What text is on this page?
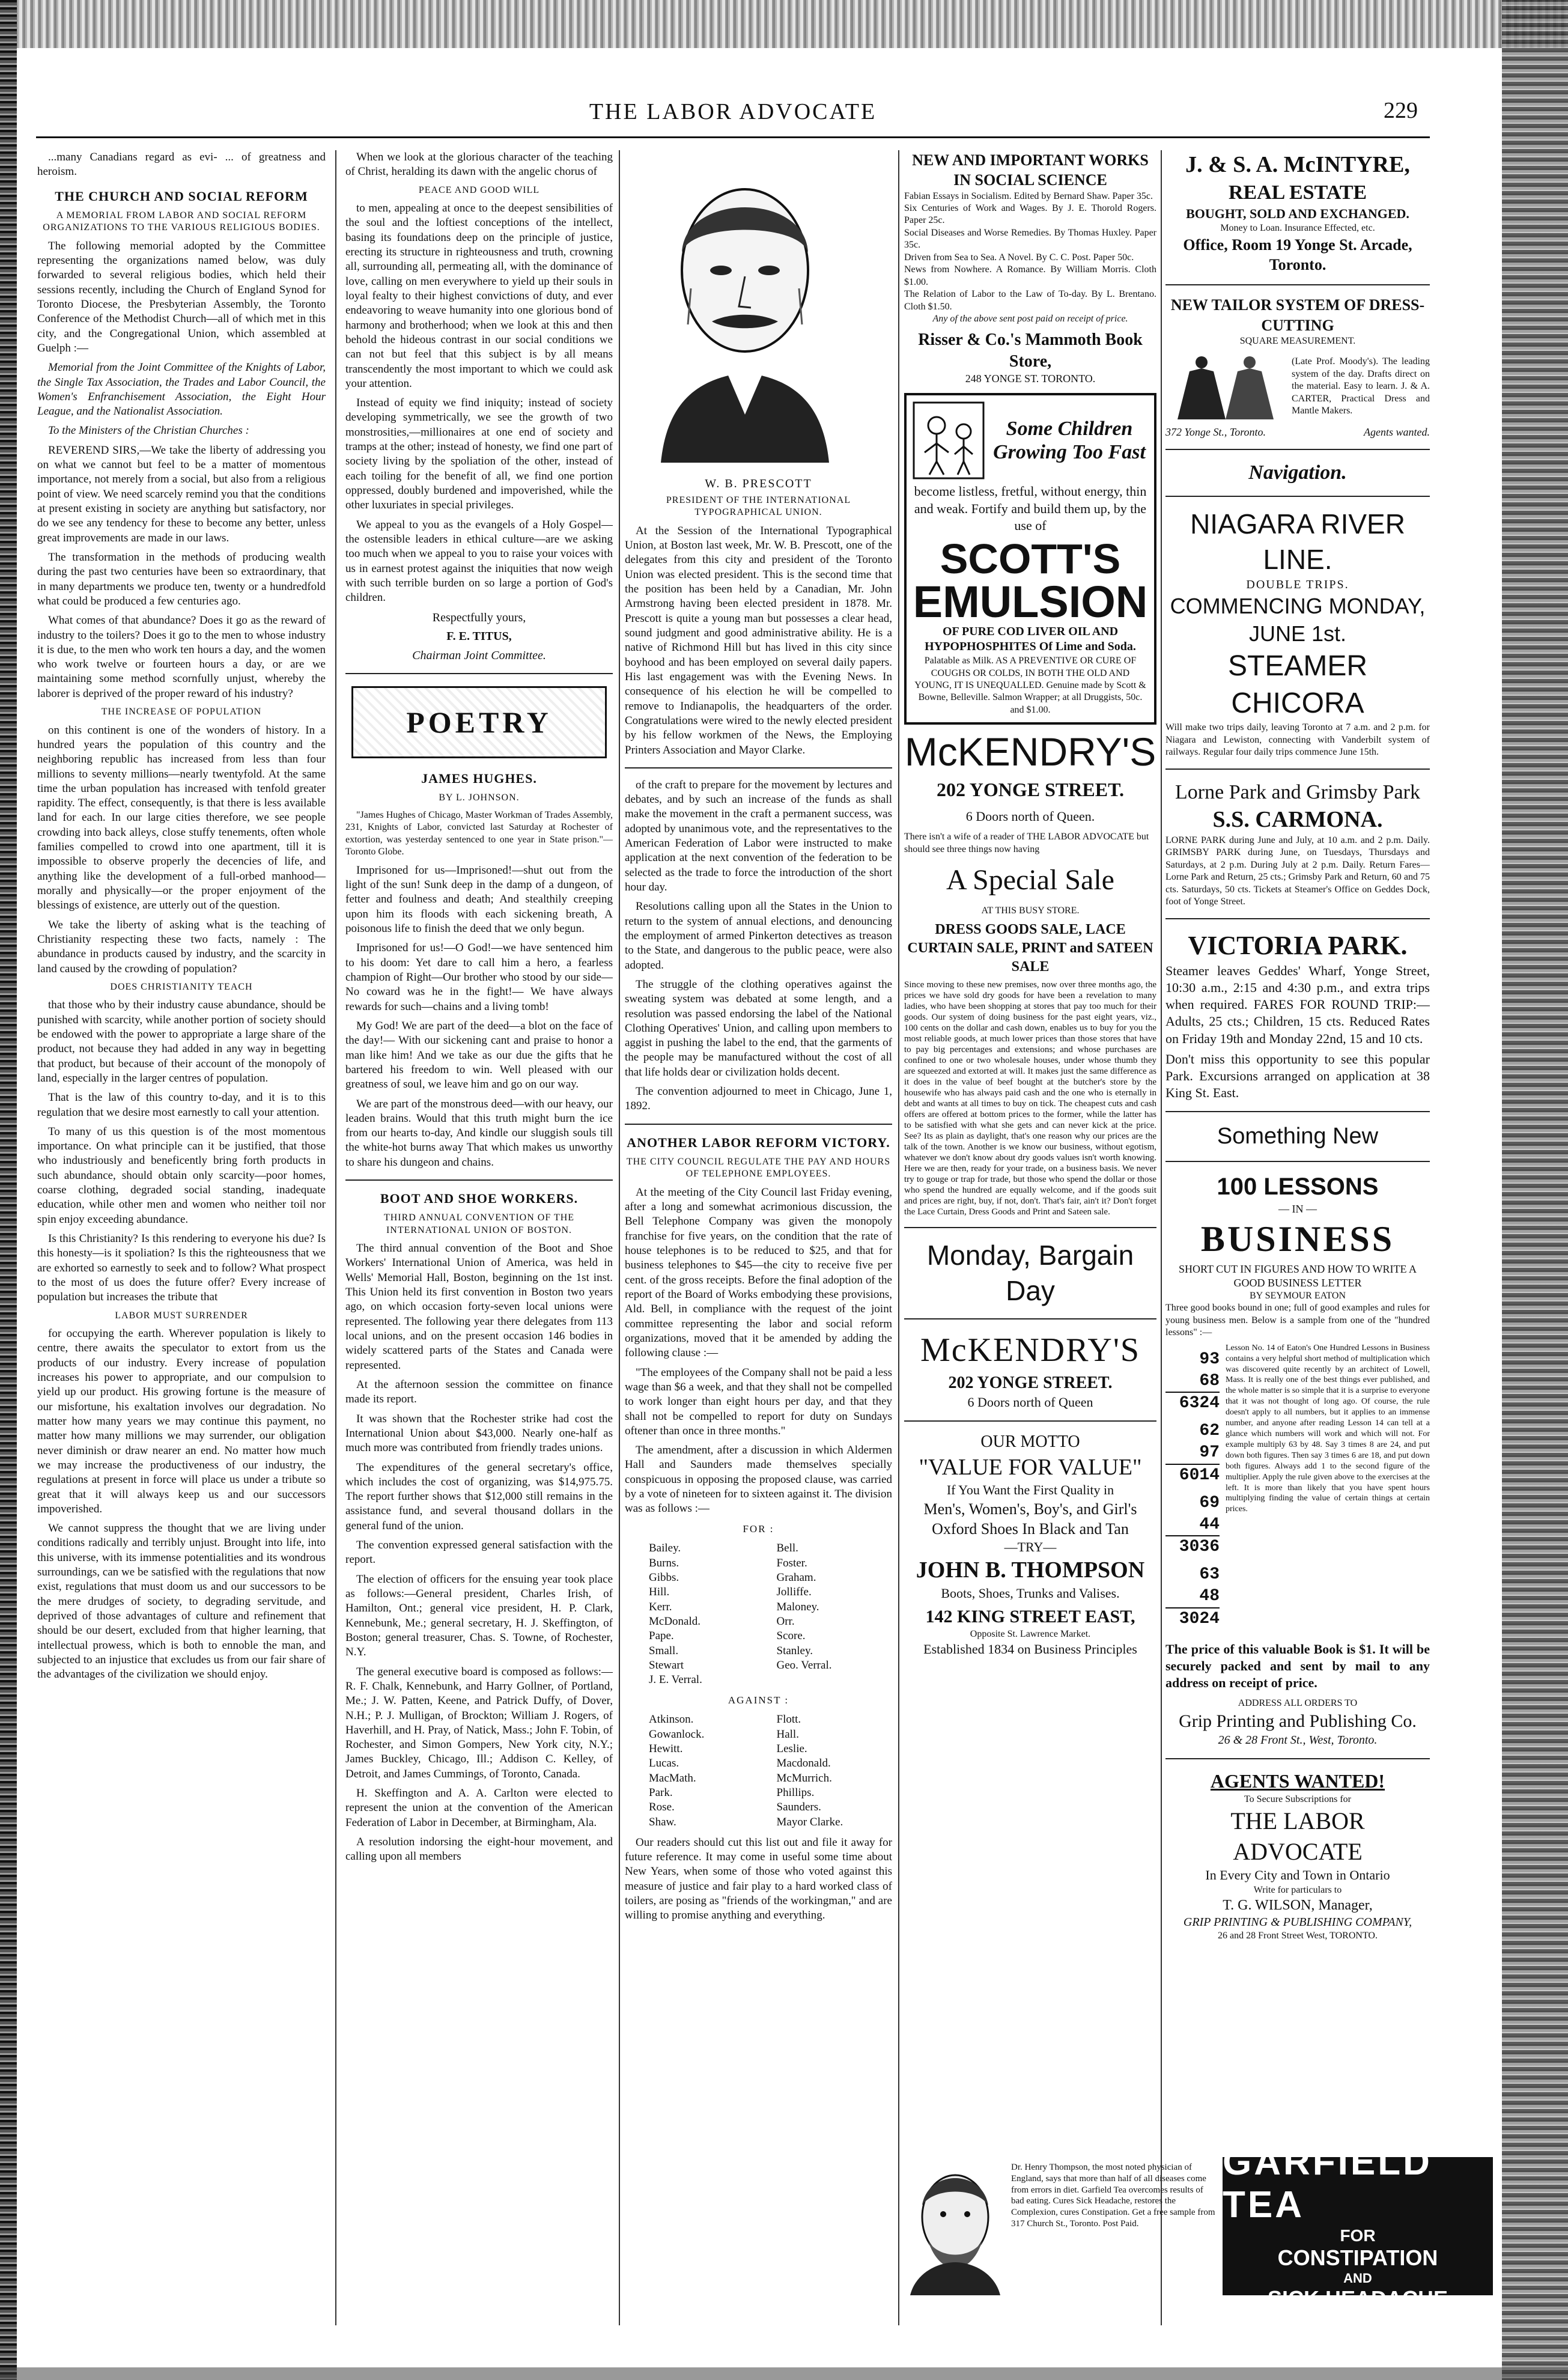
THE LABOR ADVOCATE	229

...many Canadians regard as evi- ... of greatness and heroism.

THE CHURCH AND SOCIAL REFORM
A MEMORIAL FROM LABOR AND SOCIAL REFORM ORGANIZATIONS TO THE VARIOUS RELIGIOUS BODIES.

The following memorial adopted by the Committee representing the organizations named below, was duly forwarded to several religious bodies, which held their sessions recently, including the Church of England Synod for Toronto Diocese, the Presbyterian Assembly, the Toronto Conference of the Methodist Church—all of which met in this city, and the Congregational Union, which assembled at Guelph :—

Memorial from the Joint Committee of the Knights of Labor, the Single Tax Association, the Trades and Labor Council, the Women's Enfranchisement Association, the Eight Hour League, and the Nationalist Association.

To the Ministers of the Christian Churches :

REVEREND SIRS,—We take the liberty of addressing you on what we cannot but feel to be a matter of momentous importance, not merely from a social, but also from a religious point of view. We need scarcely remind you that the conditions at present existing in society are anything but satisfactory, nor do we see any tendency for these to become any better, unless great improvements are made in our laws.

The transformation in the methods of producing wealth during the past two centuries have been so extraordinary, that in many departments we produce ten, twenty or a hundredfold what could be produced a few centuries ago.

What comes of that abundance? Does it go as the reward of industry to the toilers? Does it go to the men to whose industry it is due, to the men who work ten hours a day, and the women who work twelve or fourteen hours a day, or are we maintaining some method scornfully unjust, whereby the laborer is deprived of the proper reward of his industry?

THE INCREASE OF POPULATION

on this continent is one of the wonders of history. In a hundred years the population of this country and the neighboring republic has increased from less than four millions to seventy millions—nearly twentyfold. At the same time the urban population has increased with tenfold greater rapidity. The effect, consequently, is that there is less available land for each. In our large cities therefore, we see people crowding into back alleys, close stuffy tenements, often whole families compelled to crowd into one apartment, till it is impossible to observe properly the decencies of life, and anything like the development of a full-orbed manhood—morally and physically—or the proper enjoyment of the blessings of existence, are utterly out of the question.

We take the liberty of asking what is the teaching of Christianity respecting these two facts, namely : The abundance in products caused by industry, and the scarcity in land caused by the crowding of population?

DOES CHRISTIANITY TEACH

that those who by their industry cause abundance, should be punished with scarcity, while another portion of society should be endowed with the power to appropriate a large share of the product, not because they had added in any way in begetting that product, but because of their account of the monopoly of land, especially in the larger centres of population.

That is the law of this country to-day, and it is to this regulation that we desire most earnestly to call your attention.

To many of us this question is of the most momentous importance. On what principle can it be justified, that those who industriously and beneficently bring forth products in such abundance, should obtain only scarcity—poor homes, coarse clothing, degraded social standing, inadequate education, while other men and women who neither toil nor spin enjoy exceeding abundance.

Is this Christianity? Is this rendering to everyone his due? Is this honesty—is it spoliation? Is this the righteousness that we are exhorted so earnestly to seek and to follow? What prospect to the most of us does the future offer? Every increase of population but increases the tribute that

LABOR MUST SURRENDER

for occupying the earth. Wherever population is likely to centre, there awaits the speculator to extort from us the products of our industry. Every increase of population increases his power to appropriate, and our compulsion to yield up our product. His growing fortune is the measure of our misfortune, his exaltation involves our degradation. No matter how many years we may continue this payment, no matter how many millions we may surrender, our obligation never diminish or draw nearer an end. No matter how much we may increase the productiveness of our industry, the regulations at present in force will place us under a tribute so great that it will always keep us and our successors impoverished.

We cannot suppress the thought that we are living under conditions radically and terribly unjust. Brought into life, into this universe, with its immense potentialities and its wondrous surroundings, can we be satisfied with the regulations that now exist, regulations that must doom us and our successors to be the mere drudges of society, to degrading servitude, and deprived of those advantages of culture and refinement that should be our desert, excluded from that higher learning, that intellectual prowess, which is both to ennoble the man, and subjected to an injustice that excludes us from our fair share of the advantages of the civilization we should enjoy.

When we look at the glorious character of the teaching of Christ, heralding its dawn with the angelic chorus of

PEACE AND GOOD WILL

to men, appealing at once to the deepest sensibilities of the soul and the loftiest conceptions of the intellect, basing its foundations deep on the principle of justice, erecting its structure in righteousness and truth, crowning all, surrounding all, permeating all, with the dominance of love, calling on men everywhere to yield up their souls in loyal fealty to their highest convictions of duty, and ever endeavoring to weave humanity into one glorious bond of harmony and brotherhood; when we look at this and then behold the hideous contrast in our social conditions we can not but feel that this subject is by all means transcendently the most important to which we could ask your attention.

Instead of equity we find iniquity; instead of society developing symmetrically, we see the growth of two monstrosities,—millionaires at one end of society and tramps at the other; instead of honesty, we find one part of society living by the spoliation of the other, instead of each toiling for the benefit of all, we find one portion oppressed, doubly burdened and impoverished, while the other luxuriates in special privileges.

We appeal to you as the evangels of a Holy Gospel—the ostensible leaders in ethical culture—are we asking too much when we appeal to you to raise your voices with us in earnest protest against the iniquities that now weigh with such terrible burden on so large a portion of God's children.

Respectfully yours,
F. E. TITUS,
Chairman Joint Committee.
POETRY
JAMES HUGHES.
BY L. JOHNSON.

"James Hughes of Chicago, Master Workman of Trades Assembly, 231, Knights of Labor, convicted last Saturday at Rochester of extortion, was yesterday sentenced to one year in State prison."—Toronto Globe.

Imprisoned for us—Imprisoned!—shut out from the light of the sun! Sunk deep in the damp of a dungeon, of fetter and foulness and death; And stealthily creeping upon him its floods with each sickening breath, A poisonous life to finish the deed that we only begun.

Imprisoned for us!—O God!—we have sentenced him to his doom: Yet dare to call him a hero, a fearless champion of Right—Our brother who stood by our side—No coward was he in the fight!— We have always rewards for such—chains and a living tomb!

My God! We are part of the deed—a blot on the face of the day!— With our sickening cant and praise to honor a man like him! And we take as our due the gifts that he bartered his freedom to win. Well pleased with our greatness of soul, we leave him and go on our way.

We are part of the monstrous deed—with our heavy, our leaden brains. Would that this truth might burn the ice from our hearts to-day, And kindle our sluggish souls till the white-hot burns away That which makes us unworthy to share his dungeon and chains.

BOOT AND SHOE WORKERS.
THIRD ANNUAL CONVENTION OF THE INTERNATIONAL UNION OF BOSTON.

The third annual convention of the Boot and Shoe Workers' International Union of America, was held in Wells' Memorial Hall, Boston, beginning on the 1st inst. This Union held its first convention in Boston two years ago, on which occasion forty-seven local unions were represented. The following year there delegates from 113 local unions, and on the present occasion 146 bodies in widely scattered parts of the States and Canada were represented.

At the afternoon session the committee on finance made its report.

It was shown that the Rochester strike had cost the International Union about $43,000. Nearly one-half as much more was contributed from friendly trades unions.

The expenditures of the general secretary's office, which includes the cost of organizing, was $14,975.75. The report further shows that $12,000 still remains in the assistance fund, and several thousand dollars in the general fund of the union.

The convention expressed general satisfaction with the report.

The election of officers for the ensuing year took place as follows:—General president, Charles Irish, of Hamilton, Ont.; general vice president, H. P. Clark, Kennebunk, Me.; general secretary, H. J. Skeffington, of Boston; general treasurer, Chas. S. Towne, of Rochester, N.Y.

The general executive board is composed as follows:—R. F. Chalk, Kennebunk, and Harry Gollner, of Portland, Me.; J. W. Patten, Keene, and Patrick Duffy, of Dover, N.H.; P. J. Mulligan, of Brockton; William J. Rogers, of Haverhill, and H. Pray, of Natick, Mass.; John F. Tobin, of Rochester, and Simon Gompers, New York city, N.Y.; James Buckley, Chicago, Ill.; Addison C. Kelley, of Detroit, and James Cummings, of Toronto, Canada.

H. Skeffington and A. A. Carlton were elected to represent the union at the convention of the American Federation of Labor in December, at Birmingham, Ala.

A resolution indorsing the eight-hour movement, and calling upon all members

W. B. PRESCOTT
PRESIDENT OF THE INTERNATIONAL TYPOGRAPHICAL UNION.

At the Session of the International Typographical Union, at Boston last week, Mr. W. B. Prescott, one of the delegates from this city and president of the Toronto Union was elected president. This is the second time that the position has been held by a Canadian, Mr. John Armstrong having been elected president in 1878. Mr. Prescott is quite a young man but possesses a clear head, sound judgment and good administrative ability. He is a native of Richmond Hill but has lived in this city since boyhood and has been employed on several daily papers. His last engagement was with the Evening News. In consequence of his election he will be compelled to remove to Indianapolis, the headquarters of the order. Congratulations were wired to the newly elected president by his fellow workmen of the News, the Employing Printers Association and Mayor Clarke.

of the craft to prepare for the movement by lectures and debates, and by such an increase of the funds as shall make the movement in the craft a permanent success, was adopted by unanimous vote, and the representatives to the American Federation of Labor were instructed to make application at the next convention of the federation to be selected as the trade to force the introduction of the short hour day.

Resolutions calling upon all the States in the Union to return to the system of annual elections, and denouncing the employment of armed Pinkerton detectives as treason to the State, and dangerous to the public peace, were also adopted.

The struggle of the clothing operatives against the sweating system was debated at some length, and a resolution was passed endorsing the label of the National Clothing Operatives' Union, and calling upon members to aggist in pushing the label to the end, that the garments of the people may be manufactured without the cost of all that life holds dear or civilization holds decent.

The convention adjourned to meet in Chicago, June 1, 1892.

ANOTHER LABOR REFORM VICTORY.
THE CITY COUNCIL REGULATE THE PAY AND HOURS OF TELEPHONE EMPLOYEES.

At the meeting of the City Council last Friday evening, after a long and somewhat acrimonious discussion, the Bell Telephone Company was given the monopoly franchise for five years, on the condition that the rate of house telephones is to be reduced to $25, and that for business telephones to $45—the city to receive five per cent. of the gross receipts. Before the final adoption of the report of the Board of Works embodying these provisions, Ald. Bell, in compliance with the request of the joint committee representing the labor and social reform organizations, moved that it be amended by adding the following clause :—

"The employees of the Company shall not be paid a less wage than $6 a week, and that they shall not be compelled to work longer than eight hours per day, and that they shall not be compelled to report for duty on Sundays oftener than once in three months."

The amendment, after a discussion in which Aldermen Hall and Saunders made themselves specially conspicuous in opposing the proposed clause, was carried by a vote of nineteen for to sixteen against it. The division was as follows :—

FOR :
Bailey.	Bell.
Burns.	Foster.
Gibbs.	Graham.
Hill.	Jolliffe.
Kerr.	Maloney.
McDonald.	Orr.
Pape.	Score.
Small.	Stanley.
Stewart	Geo. Verral.
J. E. Verral.
AGAINST :
Atkinson.	Flott.
Gowanlock.	Hall.
Hewitt.	Leslie.
Lucas.	Macdonald.
MacMath.	McMurrich.
Park.	Phillips.
Rose.	Saunders.
Shaw.	Mayor Clarke.

Our readers should cut this list out and file it away for future reference. It may come in useful some time about New Years, when some of those who voted against this measure of justice and fair play to a hard worked class of toilers, are posing as "friends of the workingman," and are willing to promise anything and everything.

NEW AND IMPORTANT WORKS IN SOCIAL SCIENCE
Fabian Essays in Socialism. Edited by Bernard Shaw. Paper 35c.
Six Centuries of Work and Wages. By J. E. Thorold Rogers. Paper 25c.
Social Diseases and Worse Remedies. By Thomas Huxley. Paper 35c.
Driven from Sea to Sea. A Novel. By C. C. Post. Paper 50c.
News from Nowhere. A Romance. By William Morris. Cloth $1.00.
The Relation of Labor to the Law of To-day. By L. Brentano. Cloth $1.50.
Any of the above sent post paid on receipt of price.
Risser & Co.'s Mammoth Book Store,
248 YONGE ST. TORONTO.
Some Children Growing Too Fast
become listless, fretful, without energy, thin and weak. Fortify and build them up, by the use of
SCOTT'S
EMULSION
OF PURE COD LIVER OIL AND HYPOPHOSPHITES Of Lime and Soda.
Palatable as Milk. AS A PREVENTIVE OR CURE OF COUGHS OR COLDS, IN BOTH THE OLD AND YOUNG, IT IS UNEQUALLED. Genuine made by Scott & Bowne, Belleville. Salmon Wrapper; at all Druggists, 50c. and $1.00.
McKENDRY'S
202 YONGE STREET.
6 Doors north of Queen.
There isn't a wife of a reader of THE LABOR ADVOCATE but should see three things now having
A Special Sale
AT THIS BUSY STORE.
DRESS GOODS SALE, LACE CURTAIN SALE, PRINT and SATEEN SALE
Since moving to these new premises, now over three months ago, the prices we have sold dry goods for have been a revelation to many ladies, who have been shopping at stores that pay too much for their goods. Our system of doing business for the past eight years, viz., 100 cents on the dollar and cash down, enables us to buy for you the most reliable goods, at much lower prices than those stores that have to pay big percentages and extensions; and whose purchases are confined to one or two wholesale houses, under whose thumb they are squeezed and extorted at will. It makes just the same difference as it does in the value of beef bought at the butcher's store by the housewife who has always paid cash and the one who is eternally in debt and wants at all times to buy on tick. The cheapest cuts and cash offers are offered at bottom prices to the former, while the latter has to be satisfied with what she gets and can never kick at the price. See? Its as plain as daylight, that's one reason why our prices are the talk of the town. Another is we know our business, without egotism, whatever we don't know about dry goods values isn't worth knowing. Here we are then, ready for your trade, on a business basis. We never try to gouge or trap for trade, but those who spend the dollar or those who spend the hundred are equally welcome, and if the goods suit and prices are right, buy, if not, don't. That's fair, ain't it? Don't forget the Lace Curtain, Dress Goods and Print and Sateen sale.
Monday, Bargain Day
McKENDRY'S
202 YONGE STREET.
6 Doors north of Queen
OUR MOTTO
"VALUE FOR VALUE"
If You Want the First Quality in
Men's, Women's, Boy's, and Girl's Oxford Shoes In Black and Tan
—TRY—
JOHN B. THOMPSON
Boots, Shoes, Trunks and Valises.
142 KING STREET EAST,
Opposite St. Lawrence Market.
Established 1834 on Business Principles
J. & S. A. McINTYRE,
REAL ESTATE
BOUGHT, SOLD AND EXCHANGED.
Money to Loan. Insurance Effected, etc.
Office, Room 19 Yonge St. Arcade, Toronto.
NEW TAILOR SYSTEM OF DRESS-CUTTING
SQUARE MEASUREMENT.
(Late Prof. Moody's). The leading system of the day. Drafts direct on the material. Easy to learn. J. & A. CARTER, Practical Dress and Mantle Makers.
372 Yonge St., Toronto.	Agents wanted.
Navigation.
NIAGARA RIVER LINE.
DOUBLE TRIPS.
COMMENCING MONDAY, JUNE 1st.
STEAMER CHICORA
Will make two trips daily, leaving Toronto at 7 a.m. and 2 p.m. for Niagara and Lewiston, connecting with Vanderbilt system of railways. Regular four daily trips commence June 15th.
Lorne Park and Grimsby Park
S.S. CARMONA.
LORNE PARK during June and July, at 10 a.m. and 2 p.m. Daily. GRIMSBY PARK during June, on Tuesdays, Thursdays and Saturdays, at 2 p.m. During July at 2 p.m. Daily. Return Fares—Lorne Park and Return, 25 cts.; Grimsby Park and Return, 60 and 75 cts. Saturdays, 50 cts. Tickets at Steamer's Office on Geddes Dock, foot of Yonge Street.
VICTORIA PARK.
Steamer leaves Geddes' Wharf, Yonge Street, 10:30 a.m., 2:15 and 4:30 p.m., and extra trips when required. FARES FOR ROUND TRIP:—Adults, 25 cts.; Children, 15 cts. Reduced Rates on Friday 19th and Monday 22nd, 15 and 10 cts.
Don't miss this opportunity to see this popular Park. Excursions arranged on application at 38 King St. East.
Something New
100 LESSONS
— IN —
BUSINESS
SHORT CUT IN FIGURES AND HOW TO WRITE A GOOD BUSINESS LETTER
BY SEYMOUR EATON
Three good books bound in one; full of good examples and rules for young business men. Below is a sample from one of the "hundred lessons" :—
93686324
62976014
69443036
63483024
Lesson No. 14 of Eaton's One Hundred Lessons in Business contains a very helpful short method of multiplication which was discovered quite recently by an architect of Lowell, Mass. It is really one of the best things ever published, and the whole matter is so simple that it is a surprise to everyone that it was not thought of long ago. Of course, the rule doesn't apply to all numbers, but it applies to an immense number, and anyone after reading Lesson 14 can tell at a glance which numbers will work and which will not. For example multiply 63 by 48. Say 3 times 8 are 24, and put down both figures. Then say 3 times 6 are 18, and put down both figures. Always add 1 to the second figure of the multiplier. Apply the rule given above to the exercises at the left. It is more than likely that you have spent hours multiplying finding the value of certain things at certain prices.
The price of this valuable Book is $1. It will be securely packed and sent by mail to any address on receipt of price.
ADDRESS ALL ORDERS TO
Grip Printing and Publishing Co.
26 & 28 Front St., West, Toronto.
AGENTS WANTED!
To Secure Subscriptions for
THE LABOR ADVOCATE
In Every City and Town in Ontario
Write for particulars to
T. G. WILSON, Manager,
GRIP PRINTING & PUBLISHING COMPANY,
26 and 28 Front Street West, TORONTO.
Dr. Henry Thompson, the most noted physician of England, says that more than half of all diseases come from errors in diet. Garfield Tea overcomes results of bad eating. Cures Sick Headache, restores the Complexion, cures Constipation. Get a free sample from 317 Church St., Toronto. Post Paid.
GARFIELD TEA
FOR
CONSTIPATION
AND
SICK HEADACHE
